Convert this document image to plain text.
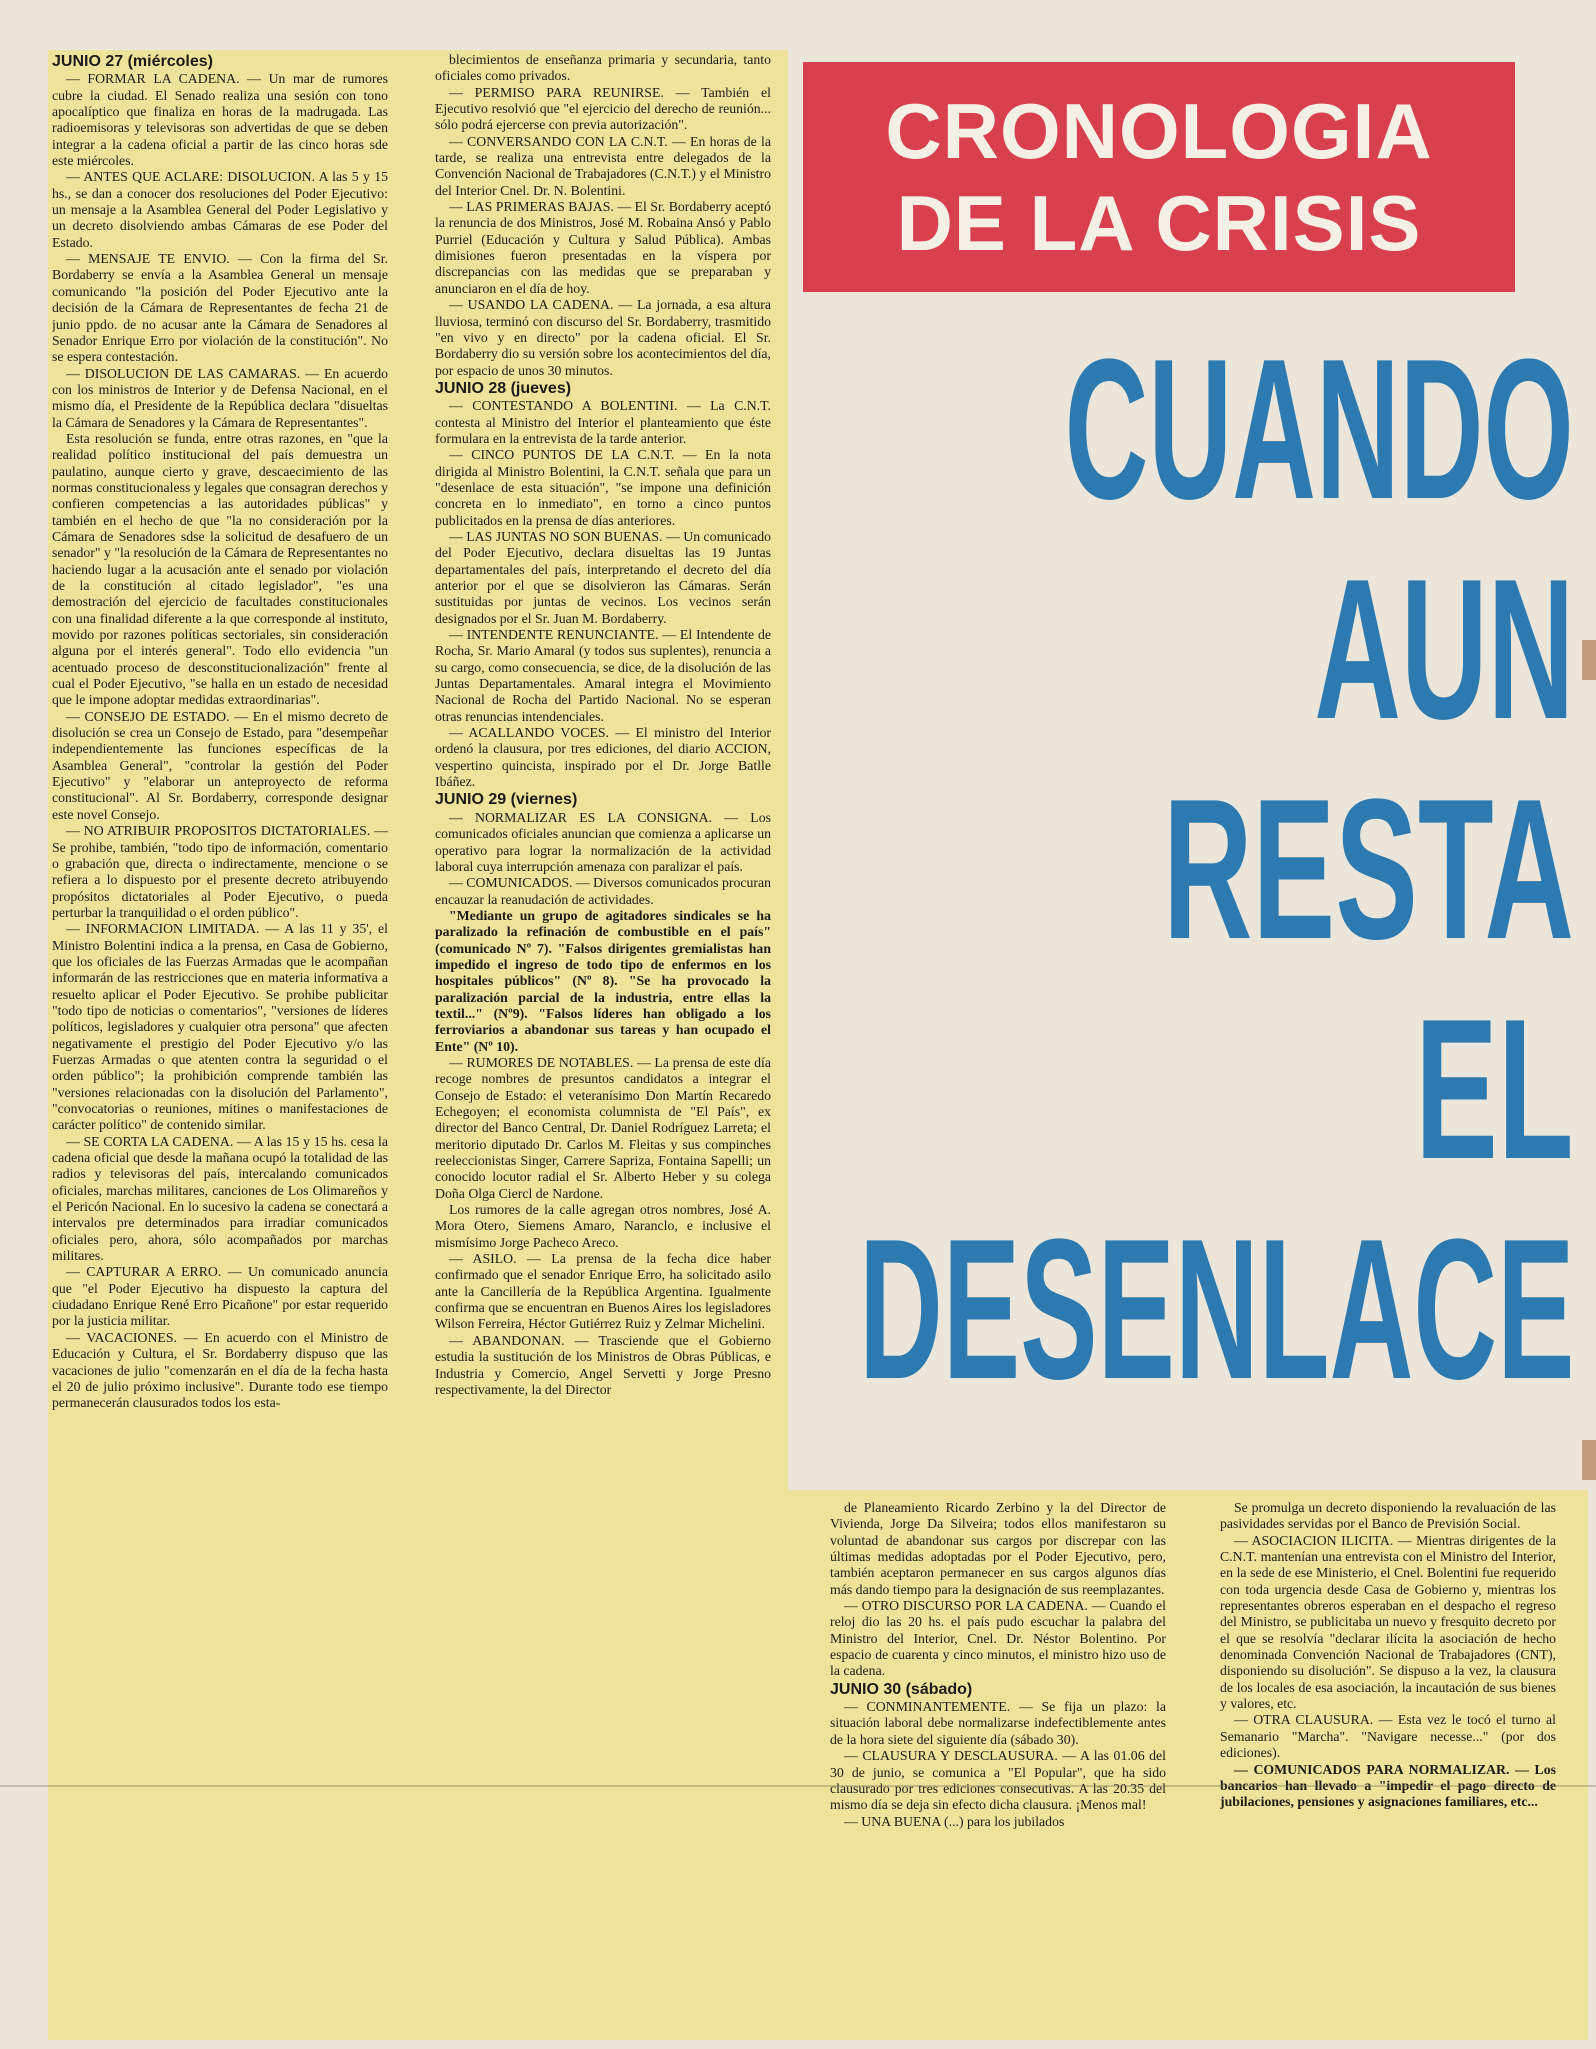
JUNIO 27 (miércoles)

— FORMAR LA CADENA. — Un mar de rumores cubre la ciudad. El Senado realiza una sesión con tono apocalíptico que finaliza en horas de la madrugada. Las radioemisoras y televisoras son advertidas de que se deben integrar a la cadena oficial a partir de las cinco horas sde este miércoles.

— ANTES QUE ACLARE: DISOLUCION. A las 5 y 15 hs., se dan a conocer dos resoluciones del Poder Ejecutivo: un mensaje a la Asamblea General del Poder Legislativo y un decreto disolviendo ambas Cámaras de ese Poder del Estado.

— MENSAJE TE ENVIO. — Con la firma del Sr. Bordaberry se envía a la Asamblea General un mensaje comunicando "la posición del Poder Ejecutivo ante la decisión de la Cámara de Representantes de fecha 21 de junio ppdo. de no acusar ante la Cámara de Senadores al Senador Enrique Erro por violación de la constitución". No se espera contestación.

— DISOLUCION DE LAS CAMARAS. — En acuerdo con los ministros de Interior y de Defensa Nacional, en el mismo día, el Presidente de la República declara "disueltas la Cámara de Senadores y la Cámara de Representantes".

Esta resolución se funda, entre otras razones, en "que la realidad político institucional del país demuestra un paulatino, aunque cierto y grave, descaecimiento de las normas constitucionaless y legales que consagran derechos y confieren competencias a las autoridades públicas" y también en el hecho de que "la no consideración por la Cámara de Senadores sdse la solicitud de desafuero de un senador" y "la resolución de la Cámara de Representantes no haciendo lugar a la acusación ante el senado por violación de la constitución al citado legislador", "es una demostración del ejercicio de facultades constitucionales con una finalidad diferente a la que corresponde al instituto, movido por razones políticas sectoriales, sin consideración alguna por el interés general". Todo ello evidencia "un acentuado proceso de desconstitucionalización" frente al cual el Poder Ejecutivo, "se halla en un estado de necesidad que le impone adoptar medidas extraordinarias".

— CONSEJO DE ESTADO. — En el mismo decreto de disolución se crea un Consejo de Estado, para "desempeñar independientemente las funciones específicas de la Asamblea General", "controlar la gestión del Poder Ejecutivo" y "elaborar un anteproyecto de reforma constitucional". Al Sr. Bordaberry, corresponde designar este novel Consejo.

— NO ATRIBUIR PROPOSITOS DICTATORIALES. — Se prohibe, también, "todo tipo de información, comentario o grabación que, directa o indirectamente, mencione o se refiera a lo dispuesto por el presente decreto atribuyendo propósitos dictatoriales al Poder Ejecutivo, o pueda perturbar la tranquilidad o el orden público".

— INFORMACION LIMITADA. — A las 11 y 35', el Ministro Bolentini indica a la prensa, en Casa de Gobierno, que los oficiales de las Fuerzas Armadas que le acompañan informarán de las restricciones que en materia informativa a resuelto aplicar el Poder Ejecutivo. Se prohibe publicitar "todo tipo de noticias o comentarios", "versiones de líderes políticos, legisladores y cualquier otra persona" que afecten negativamente el prestigio del Poder Ejecutivo y/o las Fuerzas Armadas o que atenten contra la seguridad o el orden público"; la prohibición comprende también las "versiones relacionadas con la disolución del Parlamento", "convocatorias o reuniones, mitines o manifestaciones de carácter político" de contenido similar.

— SE CORTA LA CADENA. — A las 15 y 15 hs. cesa la cadena oficial que desde la mañana ocupó la totalidad de las radios y televisoras del país, intercalando comunicados oficiales, marchas militares, canciones de Los Olimareños y el Pericón Nacional. En lo sucesivo la cadena se conectará a intervalos pre determinados para irradiar comunicados oficiales pero, ahora, sólo acompañados por marchas militares.

— CAPTURAR A ERRO. — Un comunicado anuncia que "el Poder Ejecutivo ha dispuesto la captura del ciudadano Enrique René Erro Picañone" por estar requerido por la justicia militar.

— VACACIONES. — En acuerdo con el Ministro de Educación y Cultura, el Sr. Bordaberry dispuso que las vacaciones de julio "comenzarán en el día de la fecha hasta el 20 de julio próximo inclusive". Durante todo ese tiempo permanecerán clausurados todos los esta-

blecimientos de enseñanza primaria y secundaria, tanto oficiales como privados.

— PERMISO PARA REUNIRSE. — También el Ejecutivo resolvió que "el ejercicio del derecho de reunión... sólo podrá ejercerse con previa autorización".

— CONVERSANDO CON LA C.N.T. — En horas de la tarde, se realiza una entrevista entre delegados de la Convención Nacional de Trabajadores (C.N.T.) y el Ministro del Interior Cnel. Dr. N. Bolentini.

— LAS PRIMERAS BAJAS. — El Sr. Bordaberry aceptó la renuncia de dos Ministros, José M. Robaina Ansó y Pablo Purriel (Educación y Cultura y Salud Pública). Ambas dimisiones fueron presentadas en la víspera por discrepancias con las medidas que se preparaban y anunciaron en el día de hoy.

— USANDO LA CADENA. — La jornada, a esa altura lluviosa, terminó con discurso del Sr. Bordaberry, trasmitido "en vivo y en directo" por la cadena oficial. El Sr. Bordaberry dio su versión sobre los acontecimientos del día, por espacio de unos 30 minutos.

JUNIO 28 (jueves)

— CONTESTANDO A BOLENTINI. — La C.N.T. contesta al Ministro del Interior el planteamiento que éste formulara en la entrevista de la tarde anterior.

— CINCO PUNTOS DE LA C.N.T. — En la nota dirigida al Ministro Bolentini, la C.N.T. señala que para un "desenlace de esta situación", "se impone una definición concreta en lo inmediato", en torno a cinco puntos publicitados en la prensa de días anteriores.

— LAS JUNTAS NO SON BUENAS. — Un comunicado del Poder Ejecutivo, declara disueltas las 19 Juntas departamentales del país, interpretando el decreto del día anterior por el que se disolvieron las Cámaras. Serán sustituidas por juntas de vecinos. Los vecinos serán designados por el Sr. Juan M. Bordaberry.

— INTENDENTE RENUNCIANTE. — El Intendente de Rocha, Sr. Mario Amaral (y todos sus suplentes), renuncia a su cargo, como consecuencia, se dice, de la disolución de las Juntas Departamentales. Amaral integra el Movimiento Nacional de Rocha del Partido Nacional. No se esperan otras renuncias intendenciales.

— ACALLANDO VOCES. — El ministro del Interior ordenó la clausura, por tres ediciones, del diario ACCION, vespertino quincista, inspirado por el Dr. Jorge Batlle Ibáñez.

JUNIO 29 (viernes)

— NORMALIZAR ES LA CONSIGNA. — Los comunicados oficiales anuncian que comienza a aplicarse un operativo para lograr la normalización de la actividad laboral cuya interrupción amenaza con paralizar el país.

— COMUNICADOS. — Diversos comunicados procuran encauzar la reanudación de actividades.

"Mediante un grupo de agitadores sindicales se ha paralizado la refinación de combustible en el país" (comunicado Nº 7). "Falsos dirigentes gremialistas han impedido el ingreso de todo tipo de enfermos en los hospitales públicos" (Nº 8). "Se ha provocado la paralización parcial de la industria, entre ellas la textil..." (Nº9). "Falsos líderes han obligado a los ferroviarios a abandonar sus tareas y han ocupado el Ente" (Nº 10).

— RUMORES DE NOTABLES. — La prensa de este día recoge nombres de presuntos candidatos a integrar el Consejo de Estado: el veteranísimo Don Martín Recaredo Echegoyen; el economista columnista de "El País", ex director del Banco Central, Dr. Daniel Rodríguez Larreta; el meritorio diputado Dr. Carlos M. Fleitas y sus compinches reeleccionistas Singer, Carrere Sapriza, Fontaina Sapelli; un conocido locutor radial el Sr. Alberto Heber y su colega Doña Olga Ciercl de Nardone.

Los rumores de la calle agregan otros nombres, José A. Mora Otero, Siemens Amaro, Naranclo, e inclusive el mismísimo Jorge Pacheco Areco.

— ASILO. — La prensa de la fecha dice haber confirmado que el senador Enrique Erro, ha solicitado asilo ante la Cancillería de la República Argentina. Igualmente confirma que se encuentran en Buenos Aires los legisladores Wilson Ferreira, Héctor Gutiérrez Ruiz y Zelmar Michelini.

— ABANDONAN. — Trasciende que el Gobierno estudia la sustitución de los Ministros de Obras Públicas, e Industria y Comercio, Angel Servetti y Jorge Presno respectivamente, la del Director

CRONOLOGIA
DE LA CRISIS
CUANDO
AUN
RESTA
EL
DESENLACE

de Planeamiento Ricardo Zerbino y la del Director de Vivienda, Jorge Da Silveira; todos ellos manifestaron su voluntad de abandonar sus cargos por discrepar con las últimas medidas adoptadas por el Poder Ejecutivo, pero, también aceptaron permanecer en sus cargos algunos días más dando tiempo para la designación de sus reemplazantes.

— OTRO DISCURSO POR LA CADENA. — Cuando el reloj dio las 20 hs. el país pudo escuchar la palabra del Ministro del Interior, Cnel. Dr. Néstor Bolentino. Por espacio de cuarenta y cinco minutos, el ministro hizo uso de la cadena.

JUNIO 30 (sábado)

— CONMINANTEMENTE. — Se fija un plazo: la situación laboral debe normalizarse indefectiblemente antes de la hora siete del siguiente día (sábado 30).

— CLAUSURA Y DESCLAUSURA. — A las 01.06 del 30 de junio, se comunica a "El Popular", que ha sido clausurado por tres ediciones consecutivas. A las 20.35 del mismo día se deja sin efecto dicha clausura. ¡Menos mal!

— UNA BUENA (...) para los jubilados

Se promulga un decreto disponiendo la revaluación de las pasividades servidas por el Banco de Previsión Social.

— ASOCIACION ILICITA. — Mientras dirigentes de la C.N.T. mantenían una entrevista con el Ministro del Interior, en la sede de ese Ministerio, el Cnel. Bolentini fue requerido con toda urgencia desde Casa de Gobierno y, mientras los representantes obreros esperaban en el despacho el regreso del Ministro, se publicitaba un nuevo y fresquito decreto por el que se resolvía "declarar ilícita la asociación de hecho denominada Convención Nacional de Trabajadores (CNT), disponiendo su disolución". Se dispuso a la vez, la clausura de los locales de esa asociación, la incautación de sus bienes y valores, etc.

— OTRA CLAUSURA. — Esta vez le tocó el turno al Semanario "Marcha". "Navigare necesse..." (por dos ediciones).

— COMUNICADOS PARA NORMALIZAR. — Los bancarios han llevado a "impedir el pago directo de jubilaciones, pensiones y asignaciones familiares, etc...
